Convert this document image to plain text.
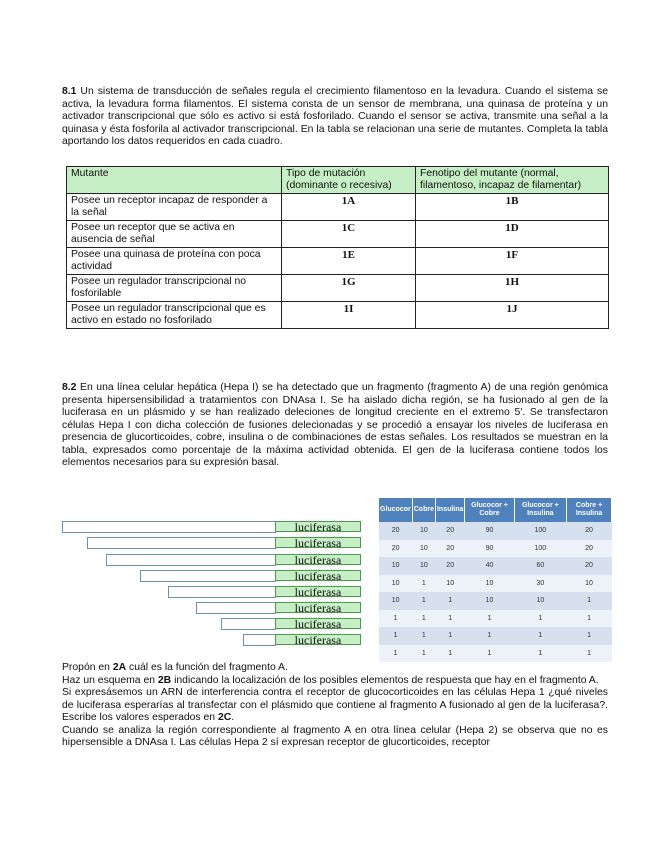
8.1 Un sistema de transducción de señales regula el crecimiento filamentoso en la levadura. Cuando el sistema se activa, la levadura forma filamentos. El sistema consta de un sensor de membrana, una quinasa de proteína y un activador transcripcional que sólo es activo si está fosforilado. Cuando el sensor se activa, transmite una señal a la quinasa y ésta fosforila al activador transcripcional. En la tabla se relacionan una serie de mutantes. Completa la tabla aportando los datos requeridos en cada cuadro.

Mutante	Tipo de mutación (dominante o recesiva)	Fenotipo del mutante (normal, filamentoso, incapaz de filamentar)
Posee un receptor incapaz de responder a la señal	1A	1B
Posee un receptor que se activa en ausencia de señal	1C	1D
Posee una quinasa de proteína con poca actividad	1E	1F
Posee un regulador transcripcional no fosforilable	1G	1H
Posee un regulador transcripcional que es activo en estado no fosforilado	1I	1J

8.2 En una línea celular hepática (Hepa I) se ha detectado que un fragmento (fragmento A) de una región genómica presenta hipersensibilidad a tratamientos con DNAsa I. Se ha aislado dicha región, se ha fusionado al gen de la luciferasa en un plásmido y se han realizado deleciones de longitud creciente en el extremo 5'. Se transfectaron células Hepa I con dicha colección de fusiones delecionadas y se procedió a ensayar los niveles de luciferasa en presencia de glucorticoides, cobre, insulina o de combinaciones de estas señales. Los resultados se muestran en la tabla, expresados como porcentaje de la máxima actividad obtenida. El gen de la luciferasa contiene todos los elementos necesarios para su expresión basal.

luciferasa
luciferasa
luciferasa
luciferasa
luciferasa
luciferasa
luciferasa
luciferasa
Glucocor	Cobre	Insulina	Glucocor + Cobre	Glucocor + Insulina	Cobre + Insulina
20	10	20	90	100	20
20	10	20	90	100	20
10	10	20	40	60	20
10	1	10	10	30	10
10	1	1	10	10	1
1	1	1	1	1	1
1	1	1	1	1	1
1	1	1	1	1	1

Propón en 2A cuál es la función del fragmento A.

Haz un esquema en 2B indicando la localización de los posibles elementos de respuesta que hay en el fragmento A.

Si expresásemos un ARN de interferencia contra el receptor de glucocorticoides en las células Hepa 1 ¿qué niveles de luciferasa esperarías al transfectar con el plásmido que contiene al fragmento A fusionado al gen de la luciferasa?. Escribe los valores esperados en 2C.

Cuando se analiza la región correspondiente al fragmento A en otra línea celular (Hepa 2) se observa que no es hipersensible a DNAsa I. Las células Hepa 2 sí expresan receptor de glucorticoides, receptor
